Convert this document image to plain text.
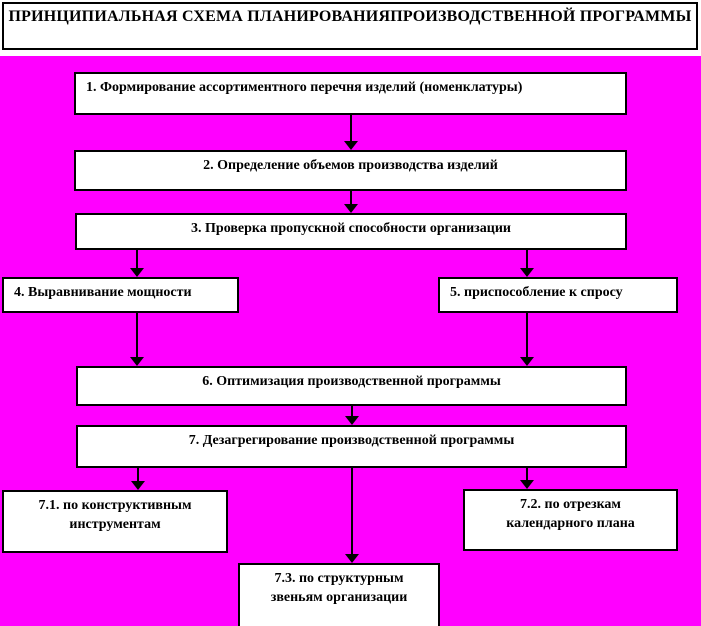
ПРИНЦИПИАЛЬНАЯ СХЕМА ПЛАНИРОВАНИЯПРОИЗВОДСТВЕННОЙ ПРОГРАММЫ
1. Формирование ассортиментного перечня изделий (номенклатуры)
2. Определение объемов производства изделий
3. Проверка пропускной способности организации
4. Выравнивание мощности	5. приспособление к спросу
6. Оптимизация производственной программы
7. Дезагрегирование производственной программы
7.1. по конструктивным инструментам
7.2. по отрезкам календарного плана
7.3. по структурным звеньям организации
